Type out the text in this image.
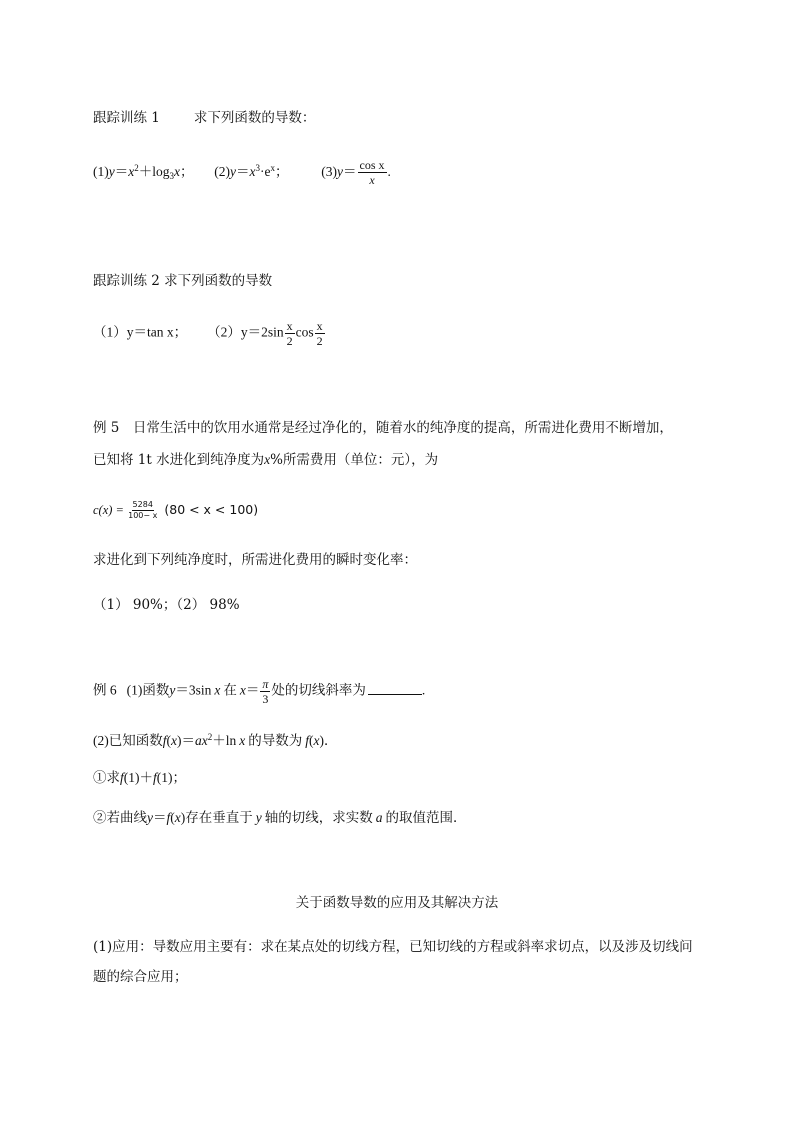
跟踪训练 1	求下列函数的导数：
$(1)y=x^2+\log_3x$； $(2)y=x^3\cdot e^x$； $(3)y= \frac{\text{cos x}}{x}$ .
跟踪训练 2 求下列函数的导数
（1）y＝tan x； $(2)y=2\sin \frac{x}{2}$ $\cos \frac{x}{2}$
例 5　日常生活中的饮用水通常是经过净化的，随着水的纯净度的提高，所需进化费用不断增加，
已知将 1t 水进化到纯净度为x%所需费用（单位：元），为
$c(x) = \frac{5284}{100- x} (80 < x < 100)$
求进化到下列纯净度时，所需进化费用的瞬时变化率：
（1） 90%；（2） 98%
例 6 (1)函数y＝3sin x 在 $x= \frac{\pi}{3}$ 处的切线斜率为	.
(2)已知函数$f(x)=ax^2+\ln$ x 的导数为 f(x)．
①求f(1)＋f(1)；
②若曲线y＝f(x)存在垂直于 y 轴的切线，求实数 a 的取值范围．
关于函数导数的应用及其解决方法
(1)应用：导数应用主要有：求在某点处的切线方程，已知切线的方程或斜率求切点，以及涉及切线问题的综合应用；
